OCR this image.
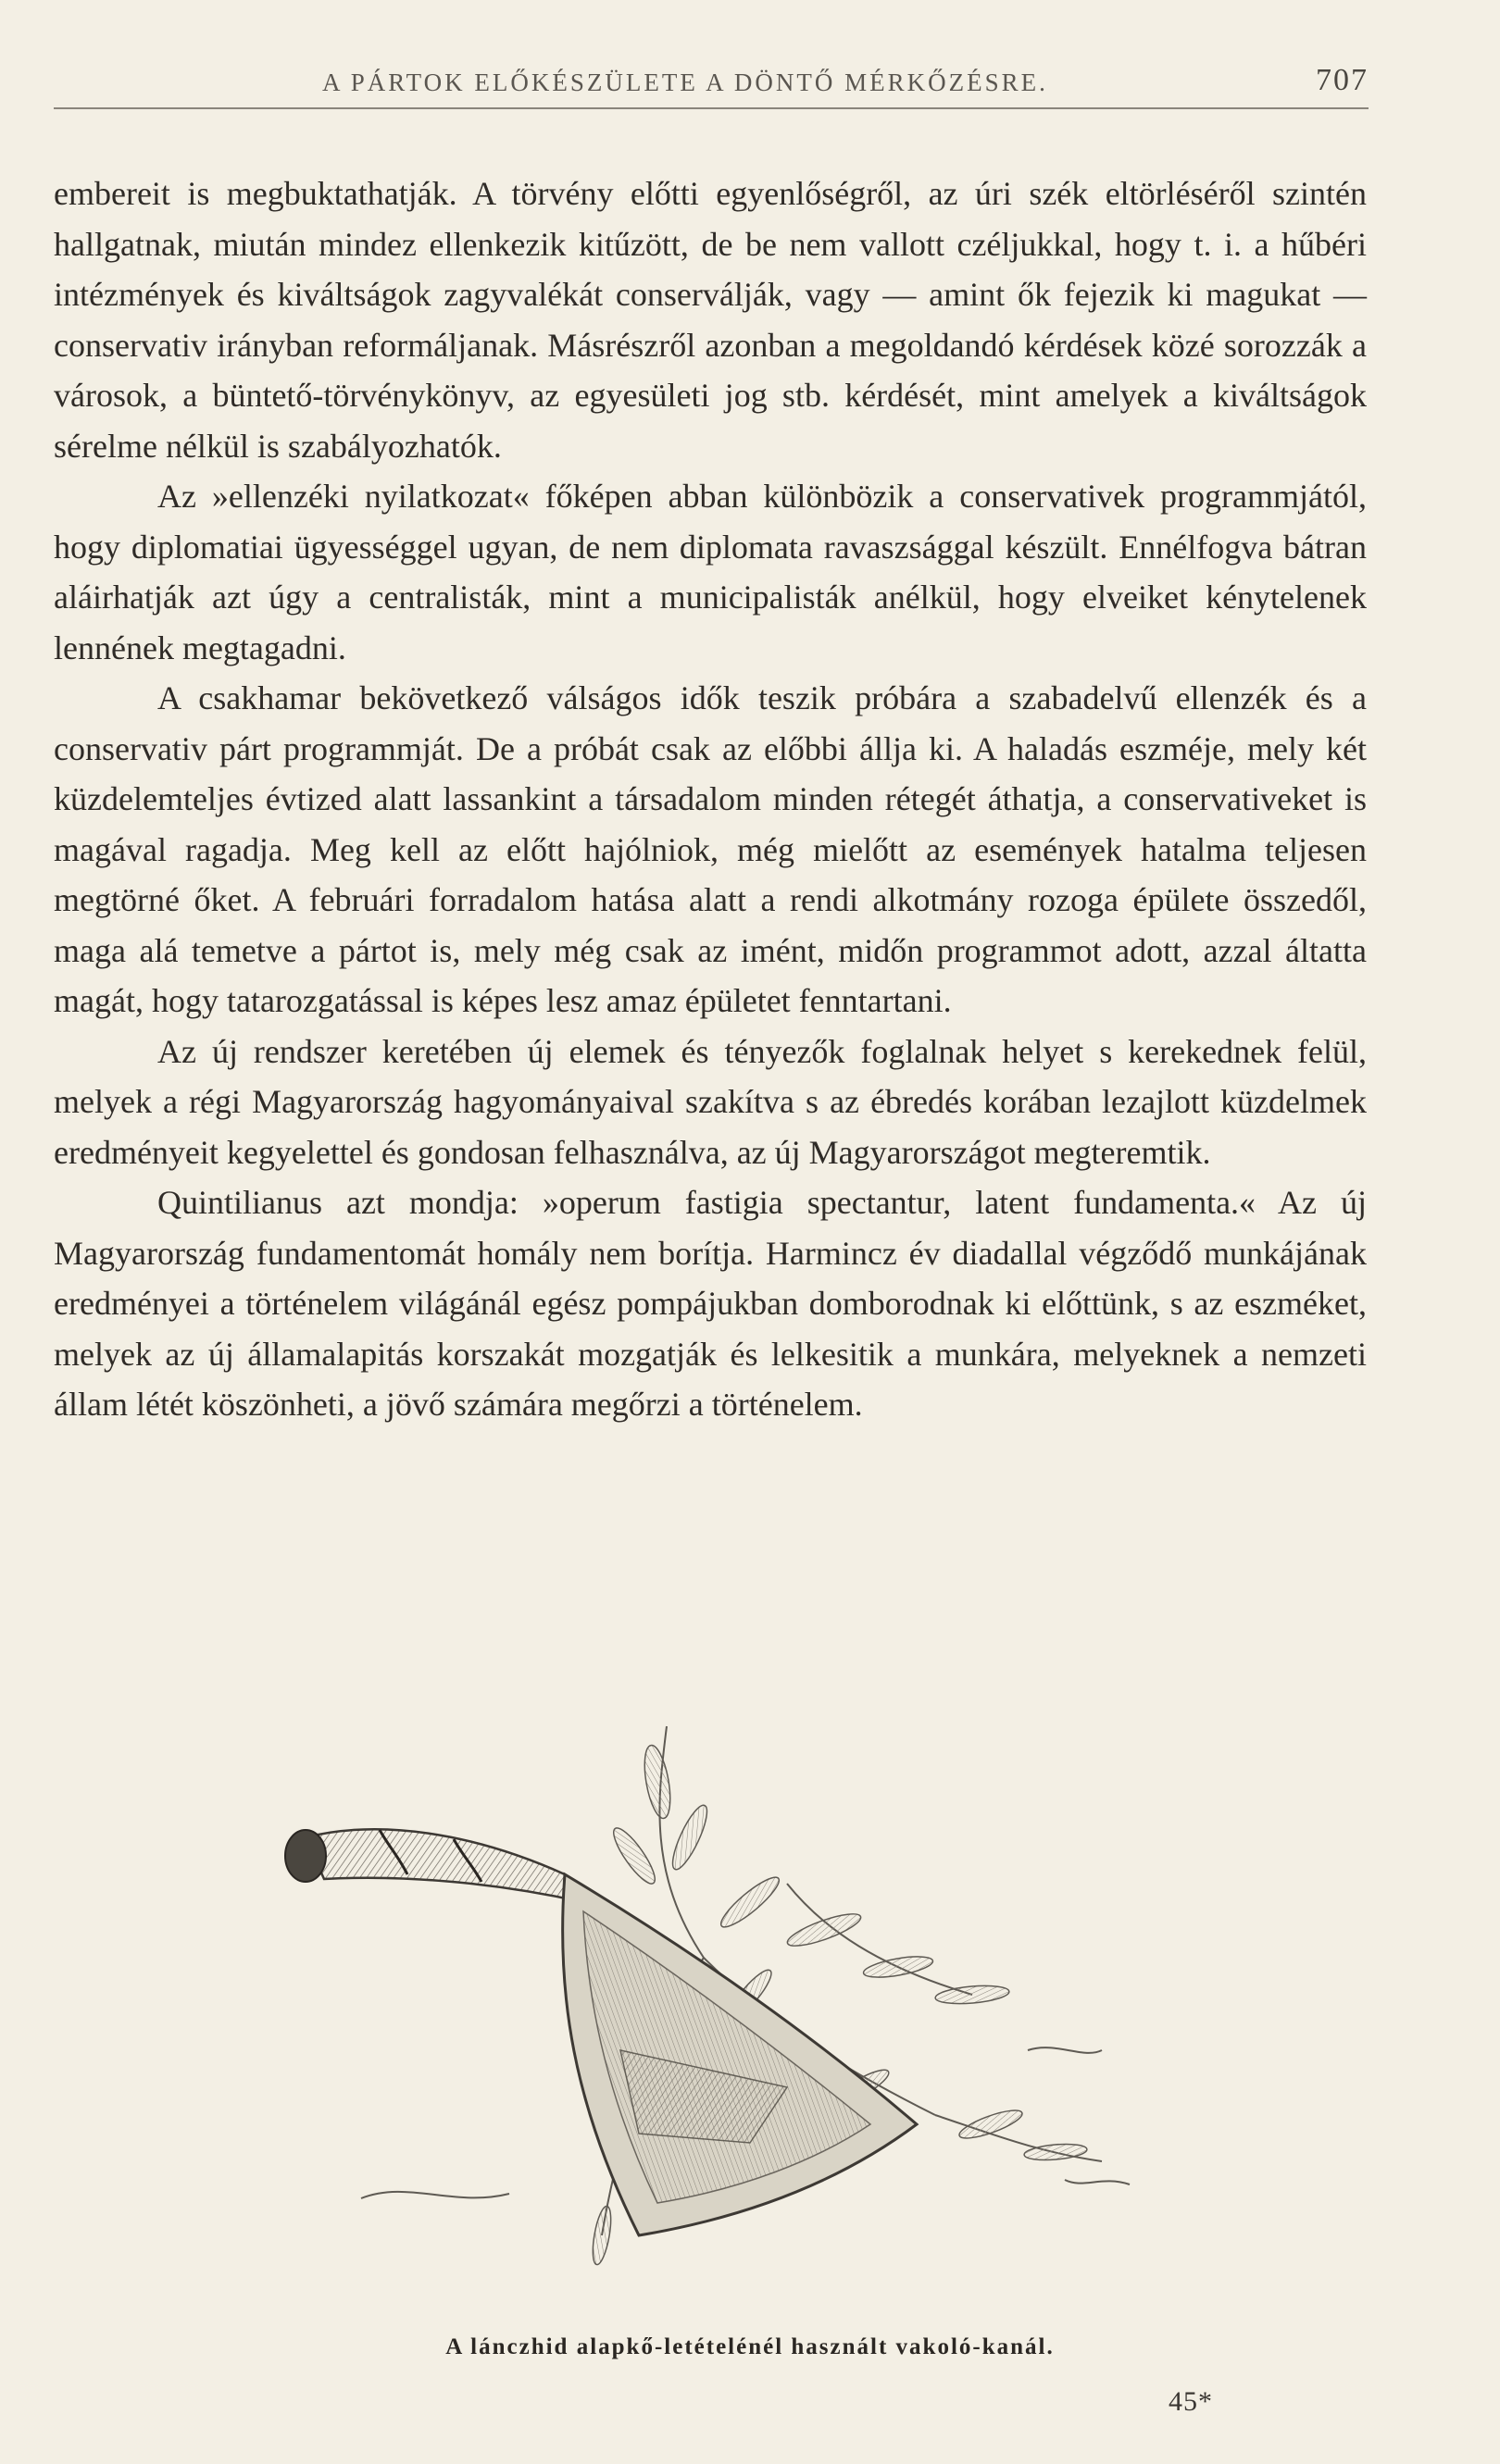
A PÁRTOK ELŐKÉSZÜLETE A DÖNTŐ MÉRKŐZÉSRE.	707

embereit is megbuktathatják. A törvény előtti egyenlőségről, az úri szék eltörléséről szintén hallgatnak, miután mindez ellenkezik kitűzött, de be nem vallott czéljukkal, hogy t. i. a hűbéri intézmények és kiváltságok zagyvalékát conserválják, vagy — amint ők fejezik ki magukat — conservativ irányban reformáljanak. Másrészről azonban a megoldandó kérdések közé sorozzák a városok, a büntető-törvénykönyv, az egyesületi jog stb. kérdését, mint amelyek a kiváltságok sérelme nélkül is szabályozhatók.

Az »ellenzéki nyilatkozat« főképen abban különbözik a conservativek programmjától, hogy diplomatiai ügyességgel ugyan, de nem diplomata ravaszsággal készült. Ennélfogva bátran aláirhatják azt úgy a centralisták, mint a municipalisták anélkül, hogy elveiket kénytelenek lennének megtagadni.

A csakhamar bekövetkező válságos idők teszik próbára a szabadelvű ellenzék és a conservativ párt programmját. De a próbát csak az előbbi állja ki. A haladás eszméje, mely két küzdelemteljes évtized alatt lassankint a társadalom minden rétegét áthatja, a conservativeket is magával ragadja. Meg kell az előtt hajólniok, még mielőtt az események hatalma teljesen megtörné őket. A februári forradalom hatása alatt a rendi alkotmány rozoga épülete összedől, maga alá temetve a pártot is, mely még csak az imént, midőn programmot adott, azzal áltatta magát, hogy tatarozgatással is képes lesz amaz épületet fenntartani.

Az új rendszer keretében új elemek és tényezők foglalnak helyet s kerekednek felül, melyek a régi Magyarország hagyományaival szakítva s az ébredés korában lezajlott küzdelmek eredményeit kegyelettel és gondosan felhasználva, az új Magyarországot megteremtik.

Quintilianus azt mondja: »operum fastigia spectantur, latent fundamenta.« Az új Magyarország fundamentomát homály nem borítja. Harmincz év diadallal végződő munkájának eredményei a történelem világánál egész pompájukban domborodnak ki előttünk, s az eszméket, melyek az új államalapitás korszakát mozgatják és lelkesitik a munkára, melyeknek a nemzeti állam létét köszönheti, a jövő számára megőrzi a történelem.

A lánczhid alapkő-letételénél használt vakoló-kanál.
45*
